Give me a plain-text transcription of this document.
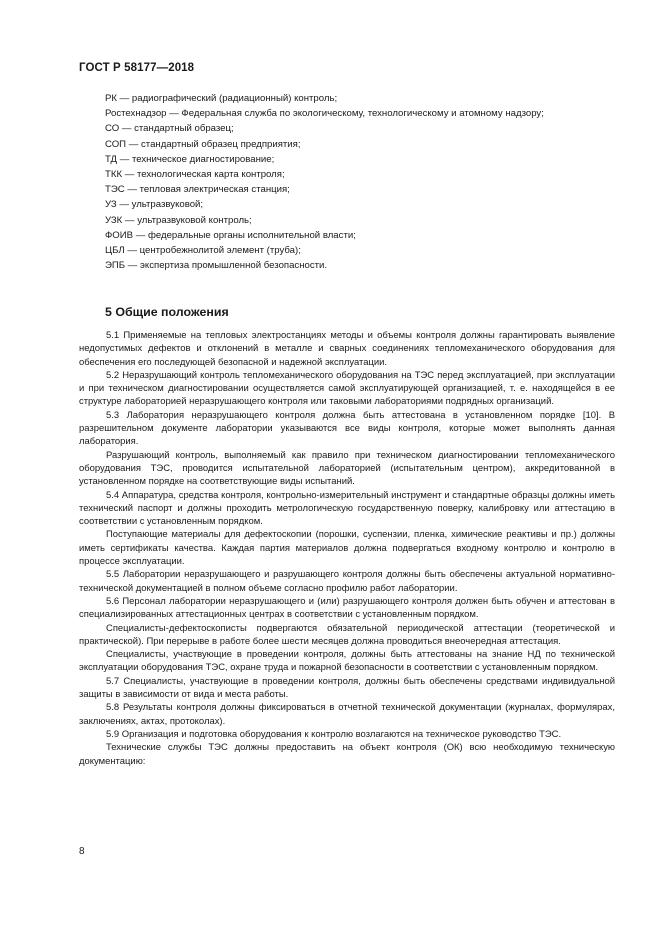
ГОСТ Р 58177—2018
РК — радиографический (радиационный) контроль;
Ростехнадзор — Федеральная служба по экологическому, технологическому и атомному надзору;
СО — стандартный образец;
СОП — стандартный образец предприятия;
ТД — техническое диагностирование;
ТКК — технологическая карта контроля;
ТЭС — тепловая электрическая станция;
УЗ — ультразвуковой;
УЗК — ультразвуковой контроль;
ФОИВ — федеральные органы исполнительной власти;
ЦБЛ — центробежнолитой элемент (труба);
ЭПБ — экспертиза промышленной безопасности.
5 Общие положения

5.1 Применяемые на тепловых электростанциях методы и объемы контроля должны гарантировать выявление недопустимых дефектов и отклонений в металле и сварных соединениях тепломеханического оборудования для обеспечения его последующей безопасной и надежной эксплуатации.

5.2 Неразрушающий контроль тепломеханического оборудования на ТЭС перед эксплуатацией, при эксплуатации и при техническом диагностировании осуществляется самой эксплуатирующей организацией, т. е. находящейся в ее структуре лабораторией неразрушающего контроля или таковыми лабораториями подрядных организаций.

5.3 Лаборатория неразрушающего контроля должна быть аттестована в установленном порядке [10]. В разрешительном документе лаборатории указываются все виды контроля, которые может выполнять данная лаборатория.

Разрушающий контроль, выполняемый как правило при техническом диагностировании тепломеханического оборудования ТЭС, проводится испытательной лабораторией (испытательным центром), аккредитованной в установленном порядке на соответствующие виды испытаний.

5.4 Аппаратура, средства контроля, контрольно-измерительный инструмент и стандартные образцы должны иметь технический паспорт и должны проходить метрологическую государственную поверку, калибровку или аттестацию в соответствии с установленным порядком.

Поступающие материалы для дефектоскопии (порошки, суспензии, пленка, химические реактивы и пр.) должны иметь сертификаты качества. Каждая партия материалов должна подвергаться входному контролю и контролю в процессе эксплуатации.

5.5 Лаборатории неразрушающего и разрушающего контроля должны быть обеспечены актуальной нормативно-технической документацией в полном объеме согласно профилю работ лаборатории.

5.6 Персонал лаборатории неразрушающего и (или) разрушающего контроля должен быть обучен и аттестован в специализированных аттестационных центрах в соответствии с установленным порядком.

Специалисты-дефектоскописты подвергаются обязательной периодической аттестации (теоретической и практической). При перерыве в работе более шести месяцев должна проводиться внеочередная аттестация.

Специалисты, участвующие в проведении контроля, должны быть аттестованы на знание НД по технической эксплуатации оборудования ТЭС, охране труда и пожарной безопасности в соответствии с установленным порядком.

5.7 Специалисты, участвующие в проведении контроля, должны быть обеспечены средствами индивидуальной защиты в зависимости от вида и места работы.

5.8 Результаты контроля должны фиксироваться в отчетной технической документации (журналах, формулярах, заключениях, актах, протоколах).

5.9 Организация и подготовка оборудования к контролю возлагаются на техническое руководство ТЭС.

Технические службы ТЭС должны предоставить на объект контроля (ОК) всю необходимую техническую документацию:

8
